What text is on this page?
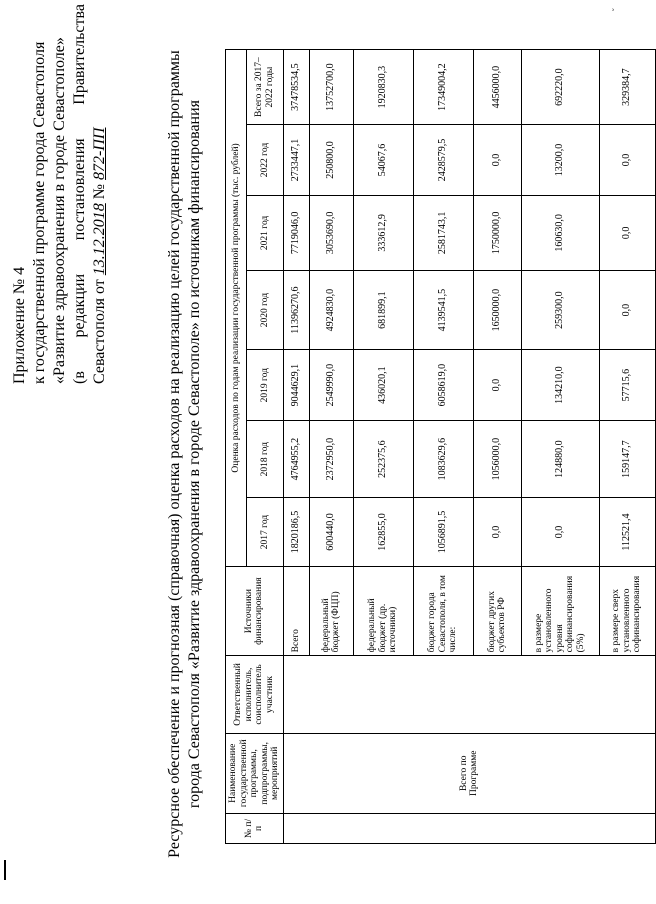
Приложение № 4 к государственной программе города Севастополя «Развитие здравоохранения в городе Севастополе» (в
редакции
постановления
Правительства
Севастополя от 13.12.2018 № 872-ПП	Ресурсное обеспечение и прогнозная (справочная) оценка расходов на реализацию целей государственной программы города Севастополя «Развитие здравоохранения в городе Севастополе» по источникам финансирования
№ п/п	Наименование государственной программы, подпрограммы, мероприятий	Ответственный исполнитель, соисполнитель участник	Источники финансирования	Оценка расходов по годам реализации государственной программы (тыс. рублей)						
				2017 год	2018 год	2019 год	2020 год	2021 год	2022 год	Всего за 2017–2022 годы
	Всего по Программе		Всего	1820186,5	4764955,2	9044629,1	11396270,6	7719046,0	2733447,1	37478534,5
			федеральный бюджет (ФЦП)	600440,0	2372950,0	2549990,0	4924830,0	3053690,0	250800,0	13752700,0
			федеральный бюджет (др. источники)	162855,0	252375,6	436020,1	681899,1	333612,9	54067,6	1920830,3
			бюджет города Севастополя, в том числе:	1056891,5	1083629,6	6058619,0	4139541,5	2581743,1	2428579,5	17349004,2
			бюджет других субъектов РФ	0,0	1056000,0	0,0	1650000,0	1750000,0	0,0	4456000,0
			в размере установленного уровня софинансирования (5%)	0,0	124880,0	134210,0	259300,0	160630,0	13200,0	692220,0
			в размере сверх установленного софинансирования	112521,4	159147,7	57715,6	0,0	0,0	0,0	329384,7
ʾ
